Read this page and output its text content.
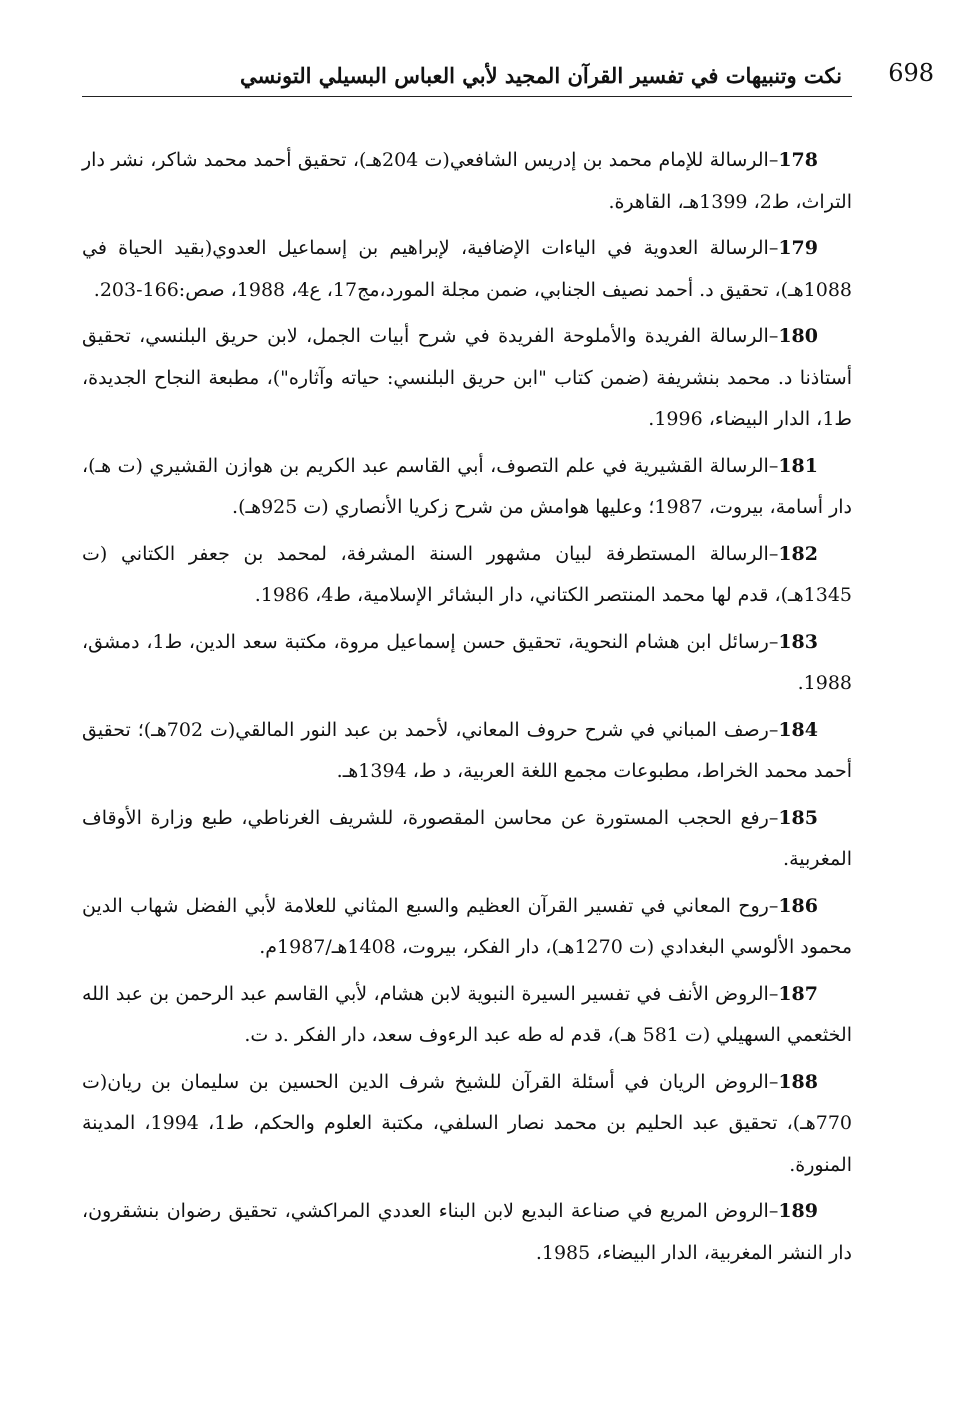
698
نكت وتنبيهات في تفسير القرآن المجيد لأبي العباس البسيلي التونسي

178–الرسالة للإمام محمد بن إدريس الشافعي(ت 204هـ)، تحقيق أحمد محمد شاكر، نشر دار التراث، ط2، 1399هـ، القاهرة.

179–الرسالة العدوية في الياءات الإضافية، لإبراهيم بن إسماعيل العدوي(بقيد الحياة في 1088هـ)، تحقيق د. أحمد نصيف الجنابي، ضمن مجلة المورد،مج17، ع4، 1988، صص:166-203.

180–الرسالة الفريدة والأملوحة الفريدة في شرح أبيات الجمل، لابن حريق البلنسي، تحقيق أستاذنا د. محمد بنشريفة (ضمن كتاب "ابن حريق البلنسي: حياته وآثاره")، مطبعة النجاح الجديدة، ط1، الدار البيضاء، 1996.

181–الرسالة القشيرية في علم التصوف، أبي القاسم عبد الكريم بن هوازن القشيري (ت هـ)، دار أسامة، بيروت، 1987؛ وعليها هوامش من شرح زكريا الأنصاري (ت 925هـ).

182–الرسالة المستطرفة لبيان مشهور السنة المشرفة، لمحمد بن جعفر الكتاني (ت 1345هـ)، قدم لها محمد المنتصر الكتاني، دار البشائر الإسلامية، ط4، 1986.

183–رسائل ابن هشام النحوية، تحقيق حسن إسماعيل مروة، مكتبة سعد الدين، ط1، دمشق، 1988.

184–رصف المباني في شرح حروف المعاني، لأحمد بن عبد النور المالقي(ت 702هـ)؛ تحقيق أحمد محمد الخراط، مطبوعات مجمع اللغة العربية، د ط، 1394هـ.

185–رفع الحجب المستورة عن محاسن المقصورة، للشريف الغرناطي، طبع وزارة الأوقاف المغربية.

186–روح المعاني في تفسير القرآن العظيم والسبع المثاني للعلامة لأبي الفضل شهاب الدين محمود الألوسي البغدادي (ت 1270هـ)، دار الفكر، بيروت، 1408هـ/1987م.

187–الروض الأنف في تفسير السيرة النبوية لابن هشام، لأبي القاسم عبد الرحمن بن عبد الله الخثعمي السهيلي (ت 581 هـ)، قدم له طه عبد الرءوف سعد، دار الفكر .د ت.

188–الروض الريان في أسئلة القرآن للشيخ شرف الدين الحسين بن سليمان بن ريان(ت 770هـ)، تحقيق عبد الحليم بن محمد نصار السلفي، مكتبة العلوم والحكم، ط1، 1994، المدينة المنورة.

189–الروض المريع في صناعة البديع لابن البناء العددي المراكشي، تحقيق رضوان بنشقرون، دار النشر المغربية، الدار البيضاء، 1985.
